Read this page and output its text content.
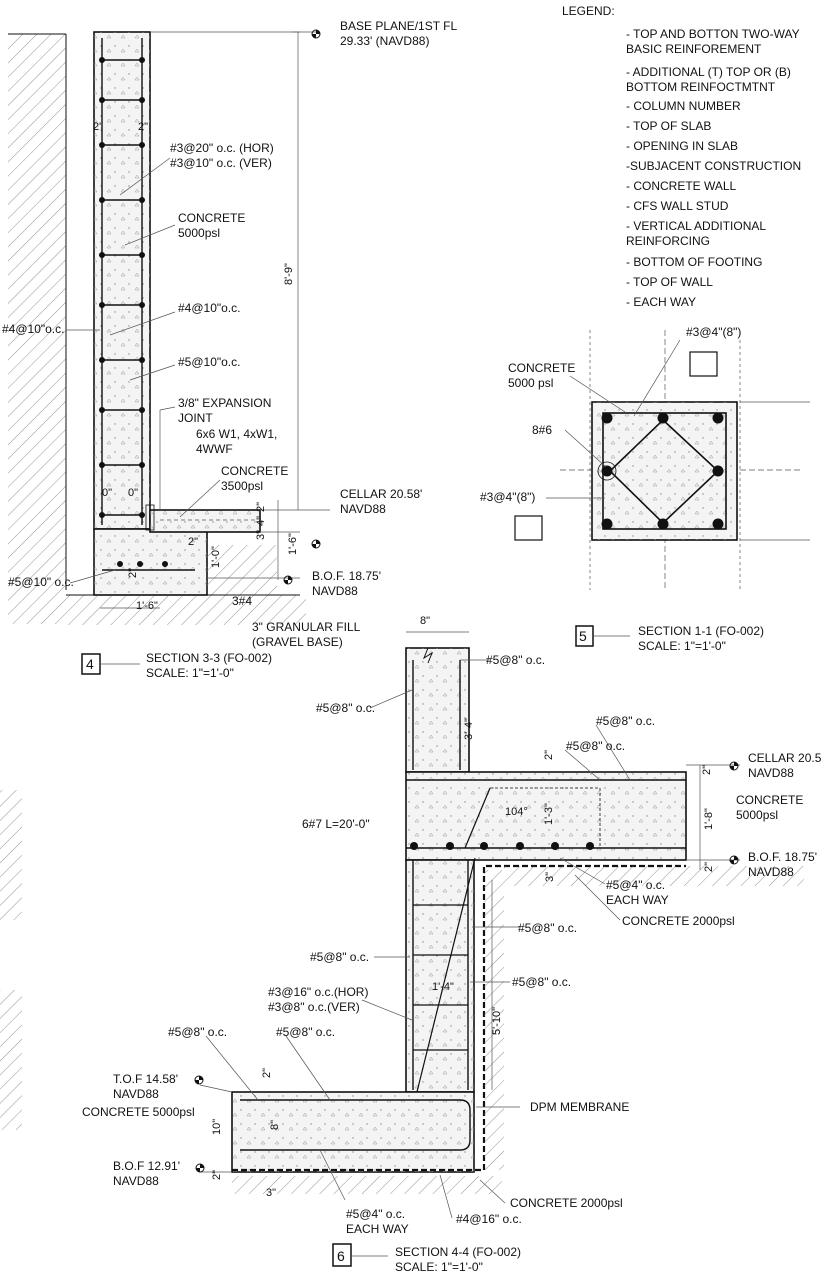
BASE PLANE/1ST FL
29.33' (NAVD88)
#3@20" o.c. (HOR)
#3@10" o.c. (VER)
CONCRETE
5000psl
#4@10"o.c.
#4@10"o.c.
#5@10"o.c.
3/8" EXPANSION
JOINT
6x6 W1, 4xW1,
4WWF
CONCRETE
3500psl
CELLAR 20.58'
NAVD88
B.O.F. 18.75'
NAVD88
#5@10" o.c.
3#4
3" GRANULAR FILL
(GRAVEL BASE)
8'-9"
2"	2"
0" 0"
2"
4"
3" 1'-6"
1'-0"
2"
2"
1'-6"
4	SECTION 3-3 (FO-002)
SCALE: 1"=1'-0"
LEGEND:
- TOP AND BOTTON TWO-WAY
BASIC REINFOREMENT
- ADDITIONAL (T) TOP OR (B)
BOTTOM REINFOCTMTNT
- COLUMN NUMBER
- TOP OF SLAB
- OPENING IN SLAB
-SUBJACENT CONSTRUCTION
- CONCRETE WALL
- CFS WALL STUD
- VERTICAL ADDITIONAL
REINFORCING
- BOTTOM OF FOOTING
- TOP OF WALL
- EACH WAY
#3@4"(8")
CONCRETE
5000 psl
8#6
#3@4"(8")
5	SECTION 1-1 (FO-002)
SCALE: 1"=1'-0"
8"
#5@8" o.c.
#5@8" o.c.
3'-4"	#5@8" o.c.
#5@8" o.c.
2"	CELLAR 20.5
NAVD88
2"
CONCRETE
5000psl
1'-8"
104° 1'-3"
6#7 L=20'-0"
B.O.F. 18.75'
NAVD88
2"
3"
#5@4" o.c.
EACH WAY
CONCRETE 2000psl
#5@8" o.c.
#5@8" o.c.
#5@8" o.c.
1'-4"
#3@16" o.c.(HOR)
#3@8" o.c.(VER)	5'-10"
#5@8" o.c.	#5@8" o.c.
2"
T.O.F 14.58'
NAVD88
CONCRETE 5000psl
10"	8"
DPM MEMBRANE
B.O.F 12.91'
NAVD88	2"
3"
#5@4" o.c.
EACH WAY
CONCRETE 2000psl
#4@16" o.c.
6	SECTION 4-4 (FO-002)
SCALE: 1"=1'-0"
